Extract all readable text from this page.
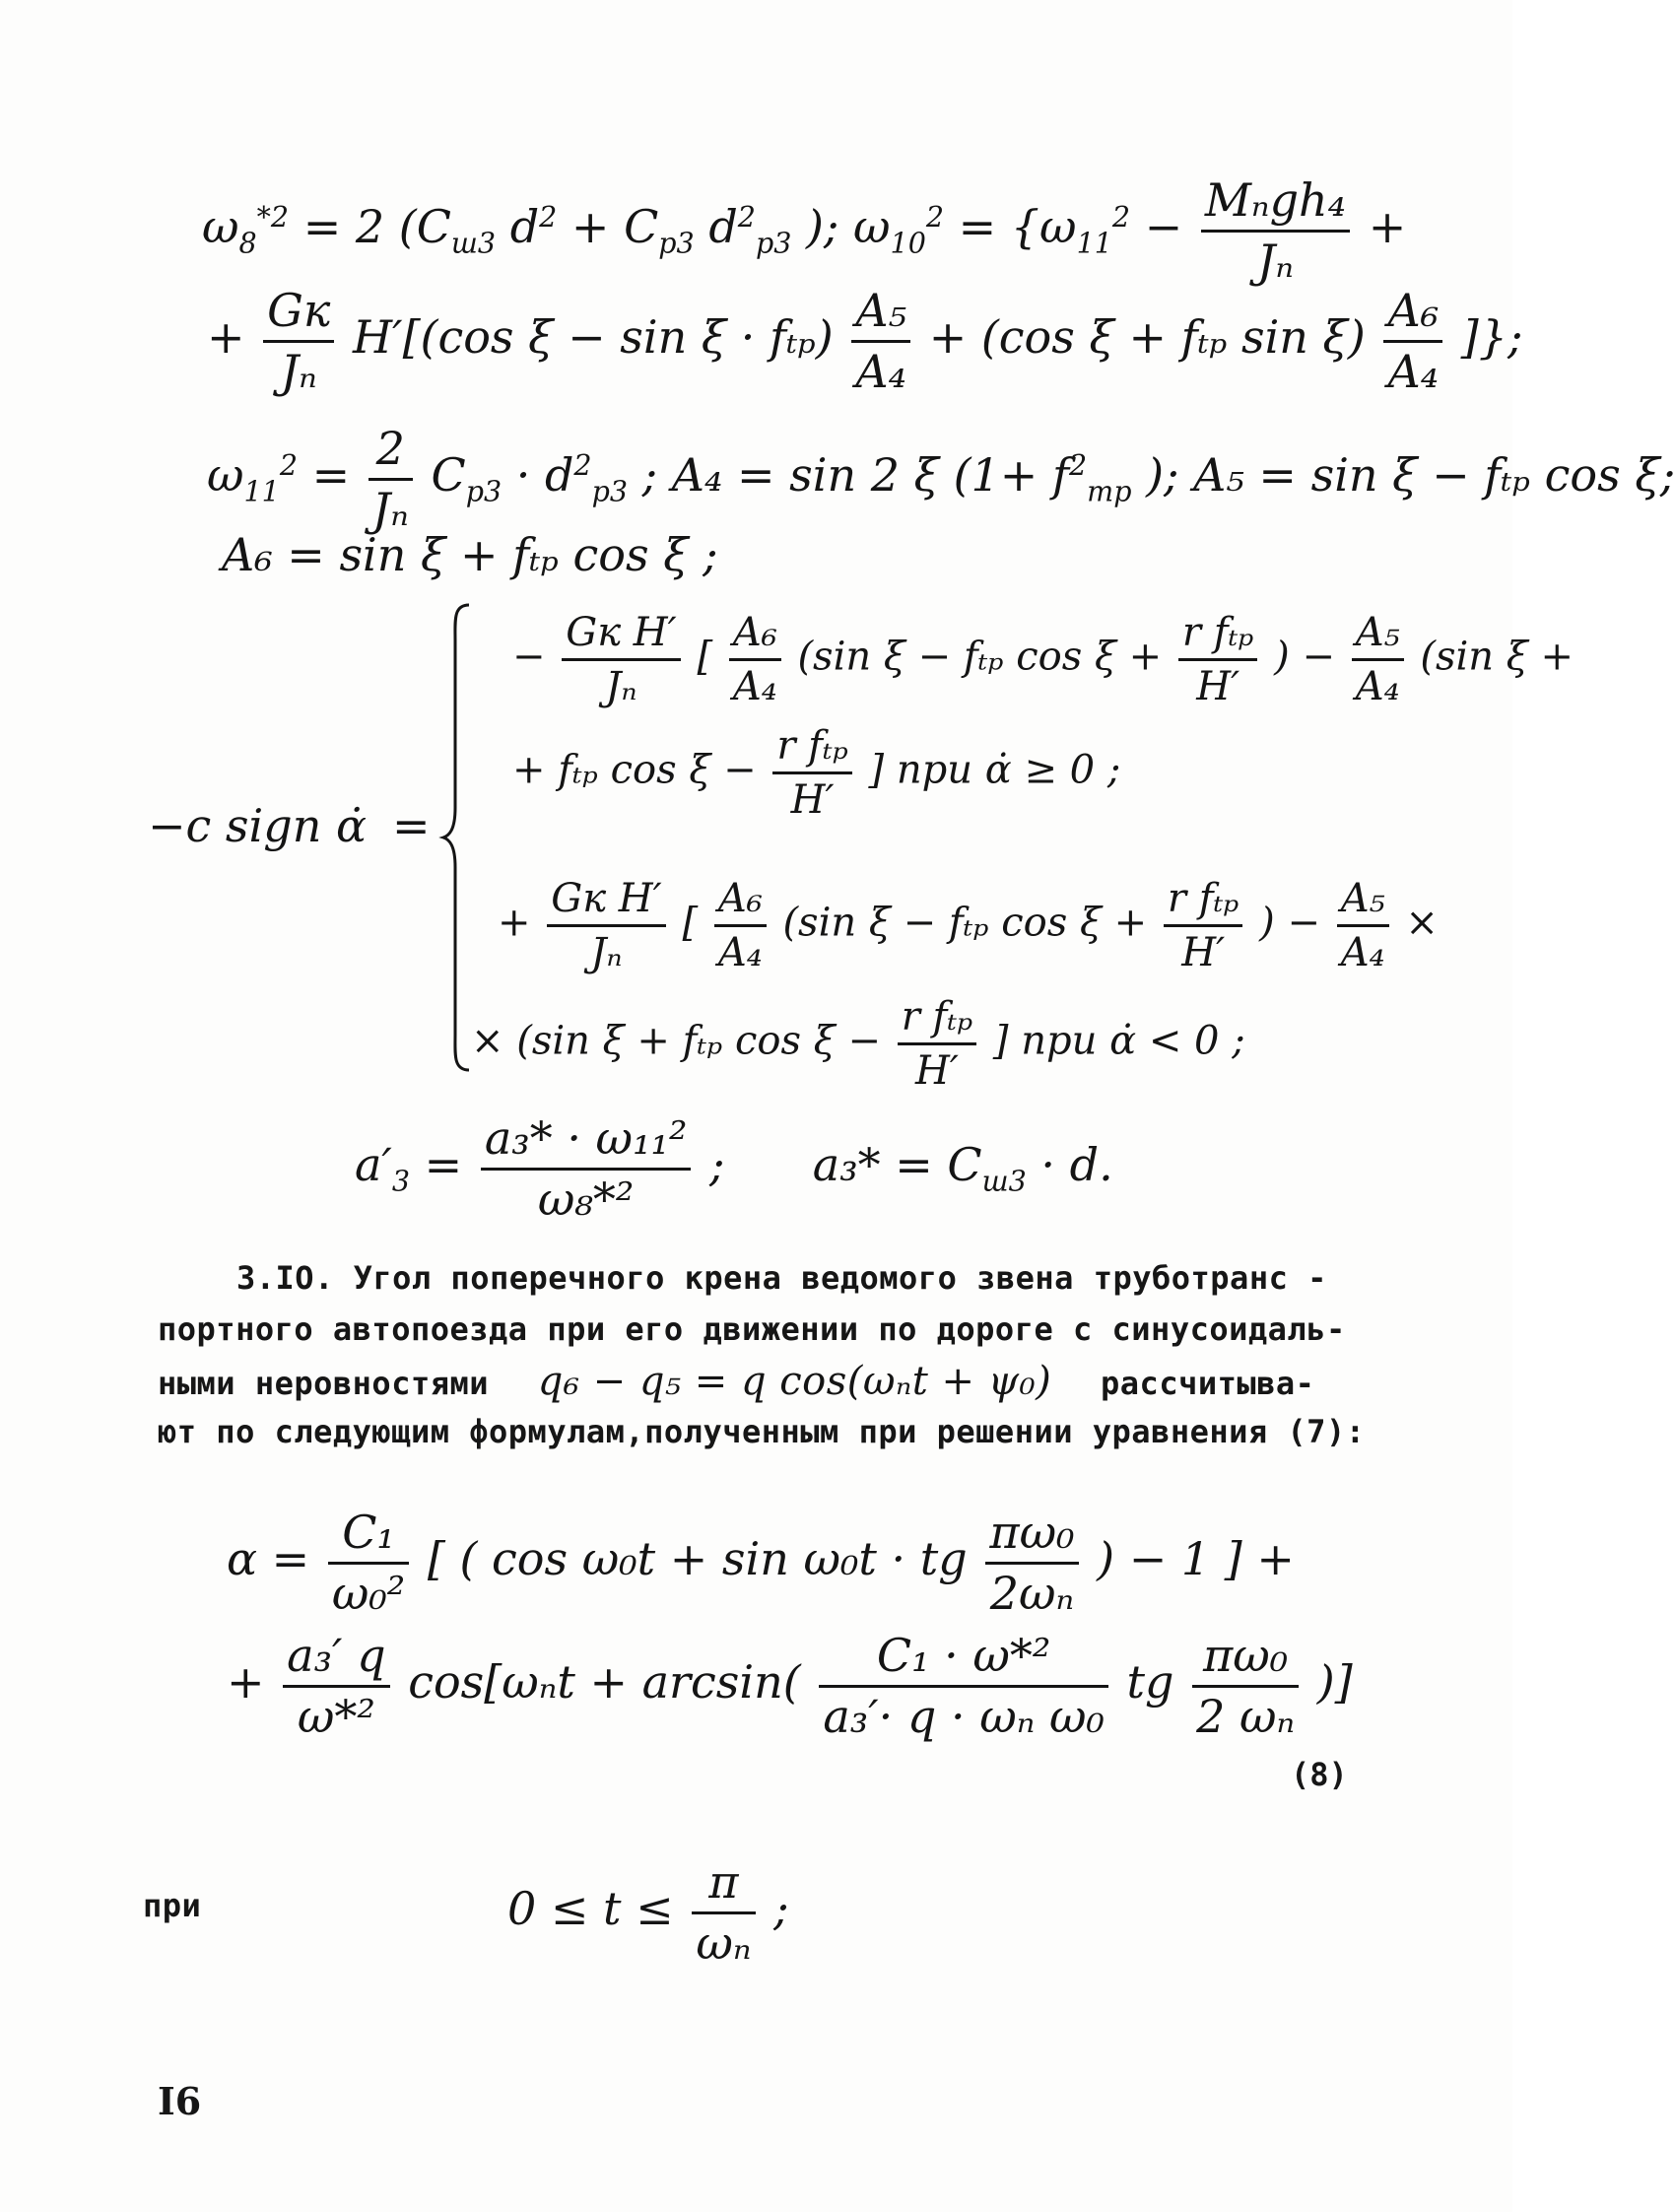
$\omega_8^{*2} = 2$ ($C_{ш3}$ $d^2 + C_{p3}$ $d^2_{p3}$ ); $\omega_{10}^2 = \{\omega_{11}^2 - \frac{\text{Mₙgh₄}}{\text{Jₙ}}$ +
+ $\frac{Gк}{\text{Jₙ}} H'[(\cos$ $\xi - \sin \xi \cdot f_{tp}) \frac{\text{A₅}}{\text{A₄}} + (\cos$ ξ + fₜₚ $\sin \xi) \frac{\text{A₆}}{\text{A₄}}$ ]};
$\omega_{11}^2 = \frac{2}{\text{Jₙ}} C_{p3} \cdot d^2_{p3}$ ; A₄ = sin 2 ξ ($1+ f^2_{тр}$ ); A₅ = sin ξ − fₜₚ cos ξ;
A₆ = sin ξ + fₜₚ cos ξ ;
−c sign α̇ =
− $\frac{\text{Gк H′}}{\text{Jₙ}}$ [ $\frac{\text{A₆}}{\text{A₄}} (\sin$ ξ − fₜₚ $\cos \xi + \frac{\text{r fₜₚ}}{H'}$ ) − $\frac{\text{A₅}}{\text{A₄}} (\sin$ ξ +
+ fₜₚ $\cos \xi - \frac{\text{r fₜₚ}}{H'}$ ] при α̇ ≥ 0 ;
+ $\frac{\text{Gк H′}}{\text{Jₙ}}$ [ $\frac{\text{A₆}}{\text{A₄}} (\sin$ ξ − fₜₚ $\cos \xi + \frac{\text{r fₜₚ}}{H'}$ ) − $\frac{\text{A₅}}{\text{A₄}}$ ×
× (sin ξ + fₜₚ $\cos \xi - \frac{\text{r fₜₚ}}{H'}$ ] при α̇ < 0 ;
$a'_3 = \frac{\text{a₃* · ω₁₁²}}{\text{ω₈*²}}$ ; $a_3* = C_{ш3} \cdot d$.
3.IO. Угол поперечного крена ведомого звена труботранс -
портного автопоезда при его движении по дороге с синусоидаль-
ными неровностями q₆ − q₅ = q cos(ωₙt + ψ₀) рассчитыва-
ют по следующим формулам,полученным при решении уравнения (7):
$\alpha = \frac{\text{C₁}}{\text{ω₀²}}$ [ ( cos ω₀t + sin ω₀t · tg $\frac{\text{πω₀}}{\text{2ωₙ}}$ ) − 1 ] +
+ $\frac{\text{a₃′ q}}{\text{ω*²}} \cos[\omega_nt + \arcsin( \frac{\text{C₁ · ω*²}}{\text{a₃′· q · ωₙ ω₀}}$ tg $\frac{\text{πω₀}}{\text{2 ωₙ}}$ )]
(8)
при	$0 \le t \le \frac{\pi}{\text{ωₙ}}$ ;
I6
